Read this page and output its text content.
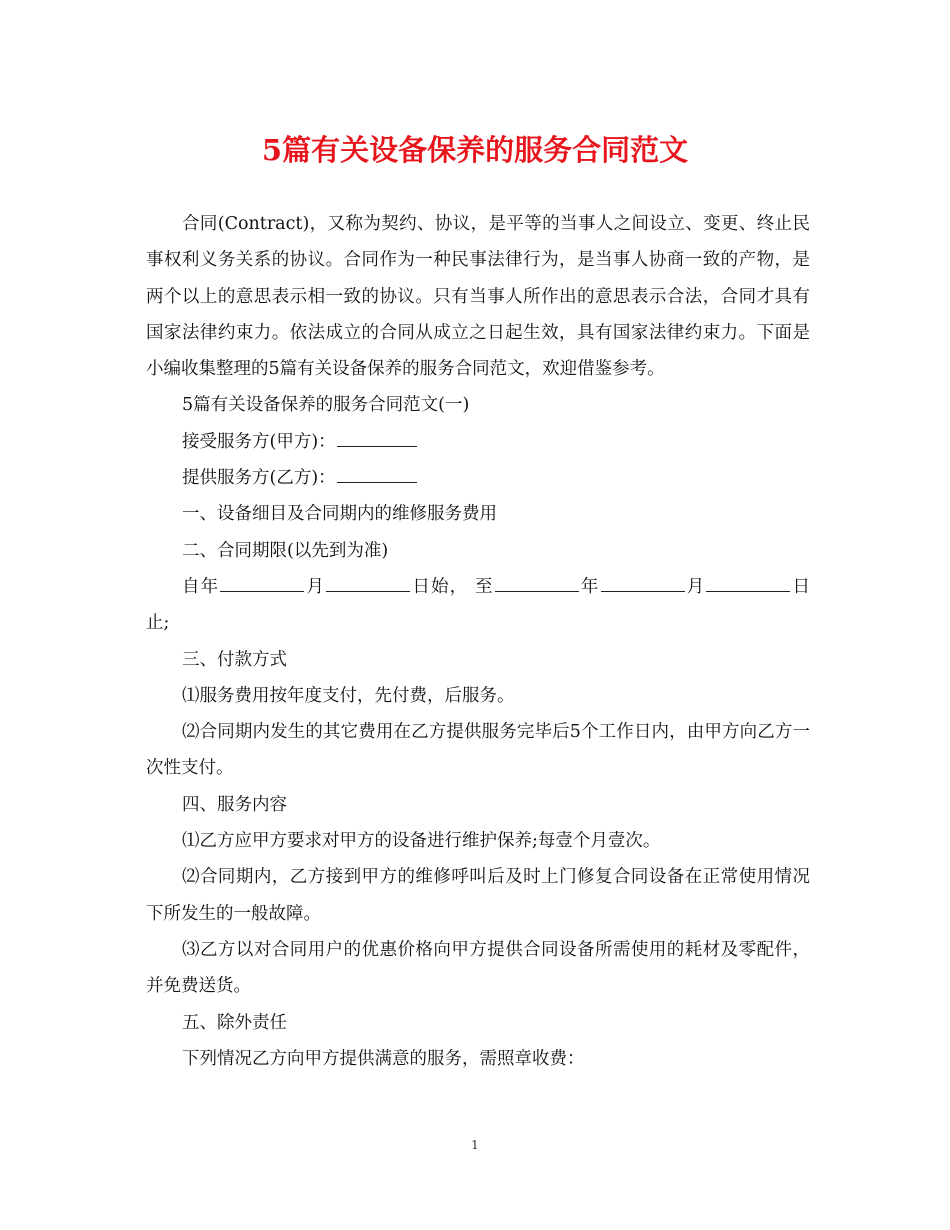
5篇有关设备保养的服务合同范文

合同(Contract)，又称为契约、协议，是平等的当事人之间设立、变更、终止民事权利义务关系的协议。合同作为一种民事法律行为，是当事人协商一致的产物，是两个以上的意思表示相一致的协议。只有当事人所作出的意思表示合法，合同才具有国家法律约束力。依法成立的合同从成立之日起生效，具有国家法律约束力。下面是小编收集整理的5篇有关设备保养的服务合同范文，欢迎借鉴参考。

5篇有关设备保养的服务合同范文(一)

接受服务方(甲方)：

提供服务方(乙方)：

一、设备细目及合同期内的维修服务费用

二、合同期限(以先到为准)

自年	月	日始， 至	年	月	日止;

三、付款方式

⑴服务费用按年度支付，先付费，后服务。

⑵合同期内发生的其它费用在乙方提供服务完毕后5个工作日内，由甲方向乙方一次性支付。

四、服务内容

⑴乙方应甲方要求对甲方的设备进行维护保养;每壹个月壹次。

⑵合同期内，乙方接到甲方的维修呼叫后及时上门修复合同设备在正常使用情况下所发生的一般故障。

⑶乙方以对合同用户的优惠价格向甲方提供合同设备所需使用的耗材及零配件，并免费送货。

五、除外责任

下列情况乙方向甲方提供满意的服务，需照章收费：

1
